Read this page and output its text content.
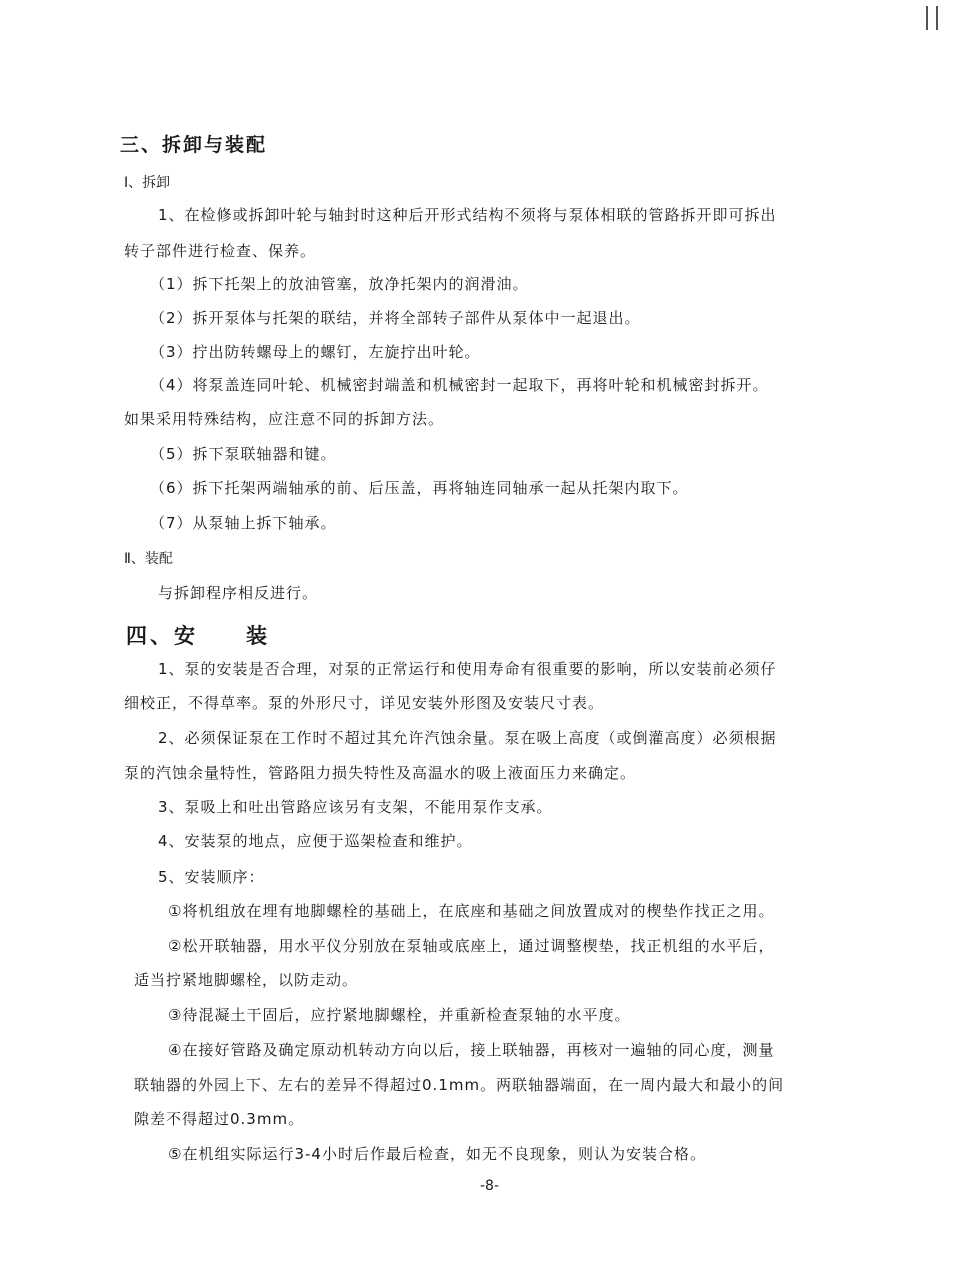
三、拆卸与装配
Ⅰ、拆卸
1、在检修或拆卸叶轮与轴封时这种后开形式结构不须将与泵体相联的管路拆开即可拆出
转子部件进行检查、保养。
（1）拆下托架上的放油管塞，放净托架内的润滑油。
（2）拆开泵体与托架的联结，并将全部转子部件从泵体中一起退出。
（3）拧出防转螺母上的螺钉，左旋拧出叶轮。
（4）将泵盖连同叶轮、机械密封端盖和机械密封一起取下，再将叶轮和机械密封拆开。
如果采用特殊结构，应注意不同的拆卸方法。
（5）拆下泵联轴器和键。
（6）拆下托架两端轴承的前、后压盖，再将轴连同轴承一起从托架内取下。
（7）从泵轴上拆下轴承。
Ⅱ、装配
与拆卸程序相反进行。
四、安 装
1、泵的安装是否合理，对泵的正常运行和使用寿命有很重要的影响，所以安装前必须仔
细校正，不得草率。泵的外形尺寸，详见安装外形图及安装尺寸表。
2、必须保证泵在工作时不超过其允许汽蚀余量。泵在吸上高度（或倒灌高度）必须根据
泵的汽蚀余量特性，管路阻力损失特性及高温水的吸上液面压力来确定。
3、泵吸上和吐出管路应该另有支架，不能用泵作支承。
4、安装泵的地点，应便于巡架检查和维护。
5、安装顺序：
①将机组放在埋有地脚螺栓的基础上，在底座和基础之间放置成对的楔垫作找正之用。
②松开联轴器，用水平仪分别放在泵轴或底座上，通过调整楔垫，找正机组的水平后，
适当拧紧地脚螺栓，以防走动。
③待混凝土干固后，应拧紧地脚螺栓，并重新检查泵轴的水平度。
④在接好管路及确定原动机转动方向以后，接上联轴器，再核对一遍轴的同心度，测量
联轴器的外园上下、左右的差异不得超过0.1mm。两联轴器端面，在一周内最大和最小的间
隙差不得超过0.3mm。
⑤在机组实际运行3-4小时后作最后检查，如无不良现象，则认为安装合格。
-8-
